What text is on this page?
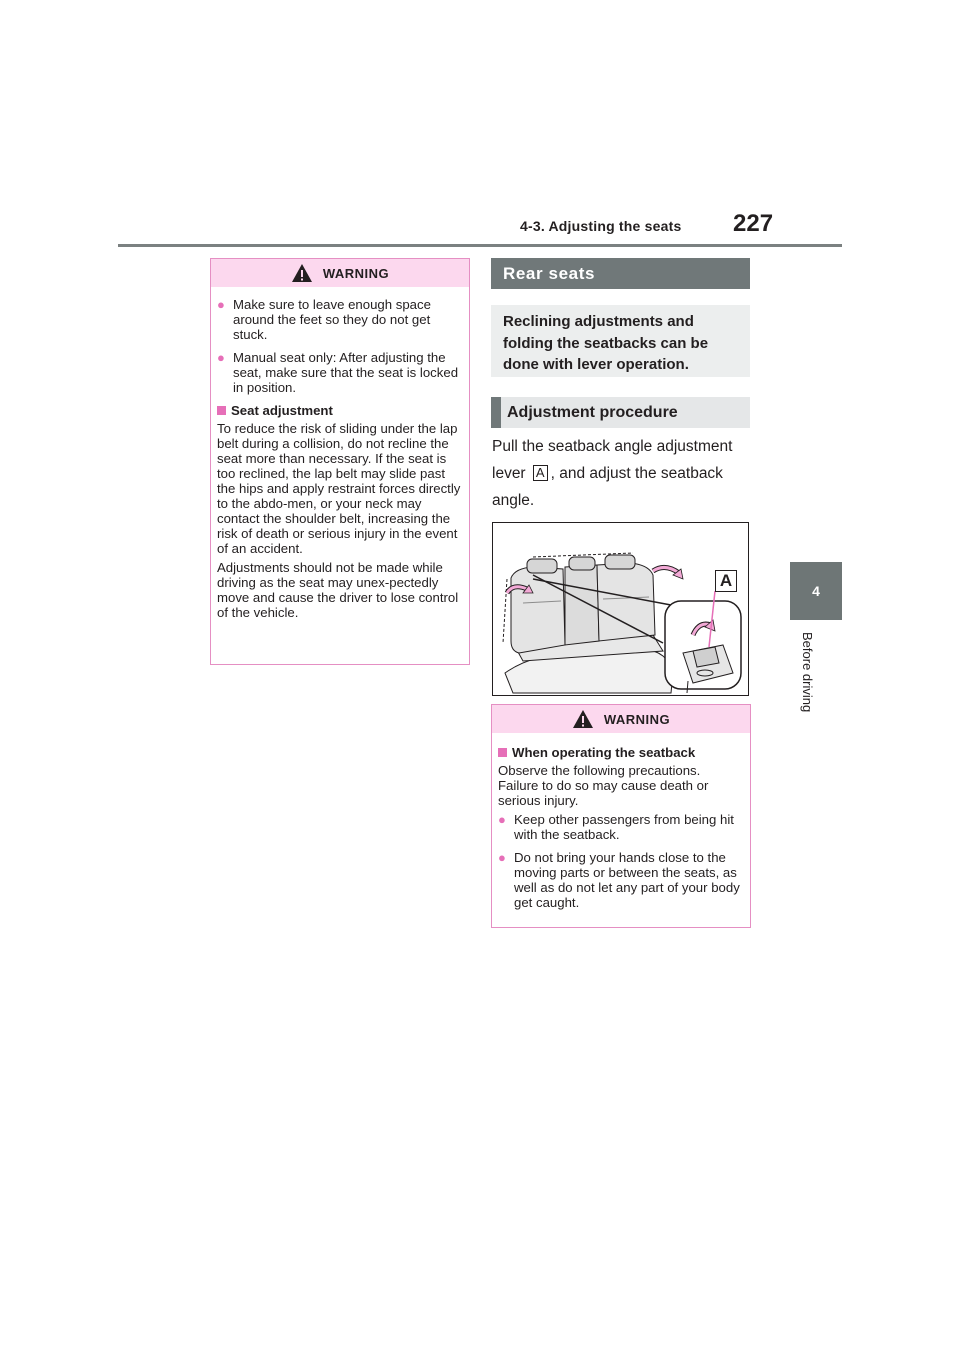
4-3. Adjusting the seats 227
4
Before driving
WARNING
● Make sure to leave enough space around the feet so they do not get stuck.
● Manual seat only: After adjusting the seat, make sure that the seat is locked in position.
Seat adjustment

To reduce the risk of sliding under the lap belt during a collision, do not recline the seat more than necessary. If the seat is too reclined, the lap belt may slide past the hips and apply restraint forces directly to the abdo-men, or your neck may contact the shoulder belt, increasing the risk of death or serious injury in the event of an accident.

Adjustments should not be made while driving as the seat may unex-pectedly move and cause the driver to lose control of the vehicle.

Rear seats
Reclining adjustments and folding the seatbacks can be done with lever operation.
Adjustment procedure
Pull the seatback angle adjustment lever A , and adjust the seatback angle.
A
WARNING
When operating the seatback

Observe the following precautions. Failure to do so may cause death or serious injury.

● Keep other passengers from being hit with the seatback.
● Do not bring your hands close to the moving parts or between the seats, as well as do not let any part of your body get caught.
